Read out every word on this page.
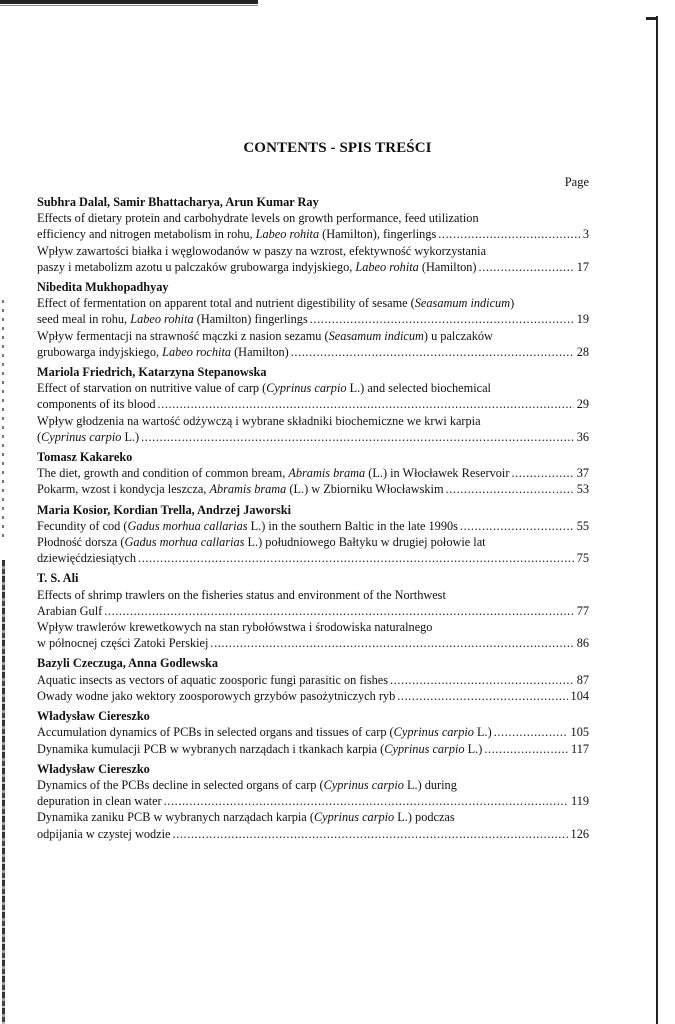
CONTENTS - SPIS TREŚCI
Page
Subhra Dalal, Samir Bhattacharya, Arun Kumar Ray
Effects of dietary protein and carbohydrate levels on growth performance, feed utilization
efficiency and nitrogen metabolism in rohu, Labeo rohita (Hamilton), fingerlings .....	3
Wpływ zawartości białka i węglowodanów w paszy na wzrost, efektywność wykorzystania
paszy i metabolizm azotu u palczaków grubowarga indyjskiego, Labeo rohita (Hamilton) .....	17
Nibedita Mukhopadhyay
Effect of fermentation on apparent total and nutrient digestibility of sesame (Seasamum indicum)
seed meal in rohu, Labeo rohita (Hamilton) fingerlings .....	19
Wpływ fermentacji na strawność mączki z nasion sezamu (Seasamum indicum) u palczaków
grubowarga indyjskiego, Labeo rochita (Hamilton) .....	28
Mariola Friedrich, Katarzyna Stepanowska
Effect of starvation on nutritive value of carp (Cyprinus carpio L.) and selected biochemical
components of its blood .....	29
Wpływ głodzenia na wartość odżywczą i wybrane składniki biochemiczne we krwi karpia
(Cyprinus carpio L.) .....	36
Tomasz Kakareko
The diet, growth and condition of common bream, Abramis brama (L.) in Włocławek Reservoir .....	37
Pokarm, wzost i kondycja leszcza, Abramis brama (L.) w Zbiorniku Włocławskim .....	53
Maria Kosior, Kordian Trella, Andrzej Jaworski
Fecundity of cod (Gadus morhua callarias L.) in the southern Baltic in the late 1990s .....	55
Płodność dorsza (Gadus morhua callarias L.) południowego Bałtyku w drugiej połowie lat
dziewięćdziesiątych .....	75
T. S. Ali
Effects of shrimp trawlers on the fisheries status and environment of the Northwest
Arabian Gulf .....	77
Wpływ trawlerów krewetkowych na stan rybołówstwa i środowiska naturalnego
w północnej części Zatoki Perskiej .....	86
Bazyli Czeczuga, Anna Godlewska
Aquatic insects as vectors of aquatic zoosporic fungi parasitic on fishes .....	87
Owady wodne jako wektory zoosporowych grzybów pasożytniczych ryb .....	104
Władysław Ciereszko
Accumulation dynamics of PCBs in selected organs and tissues of carp (Cyprinus carpio L.) .....	105
Dynamika kumulacji PCB w wybranych narządach i tkankach karpia (Cyprinus carpio L.) .....	117
Władysław Ciereszko
Dynamics of the PCBs decline in selected organs of carp (Cyprinus carpio L.) during
depuration in clean water .....	119
Dynamika zaniku PCB w wybranych narządach karpia (Cyprinus carpio L.) podczas
odpijania w czystej wodzie .....	126
